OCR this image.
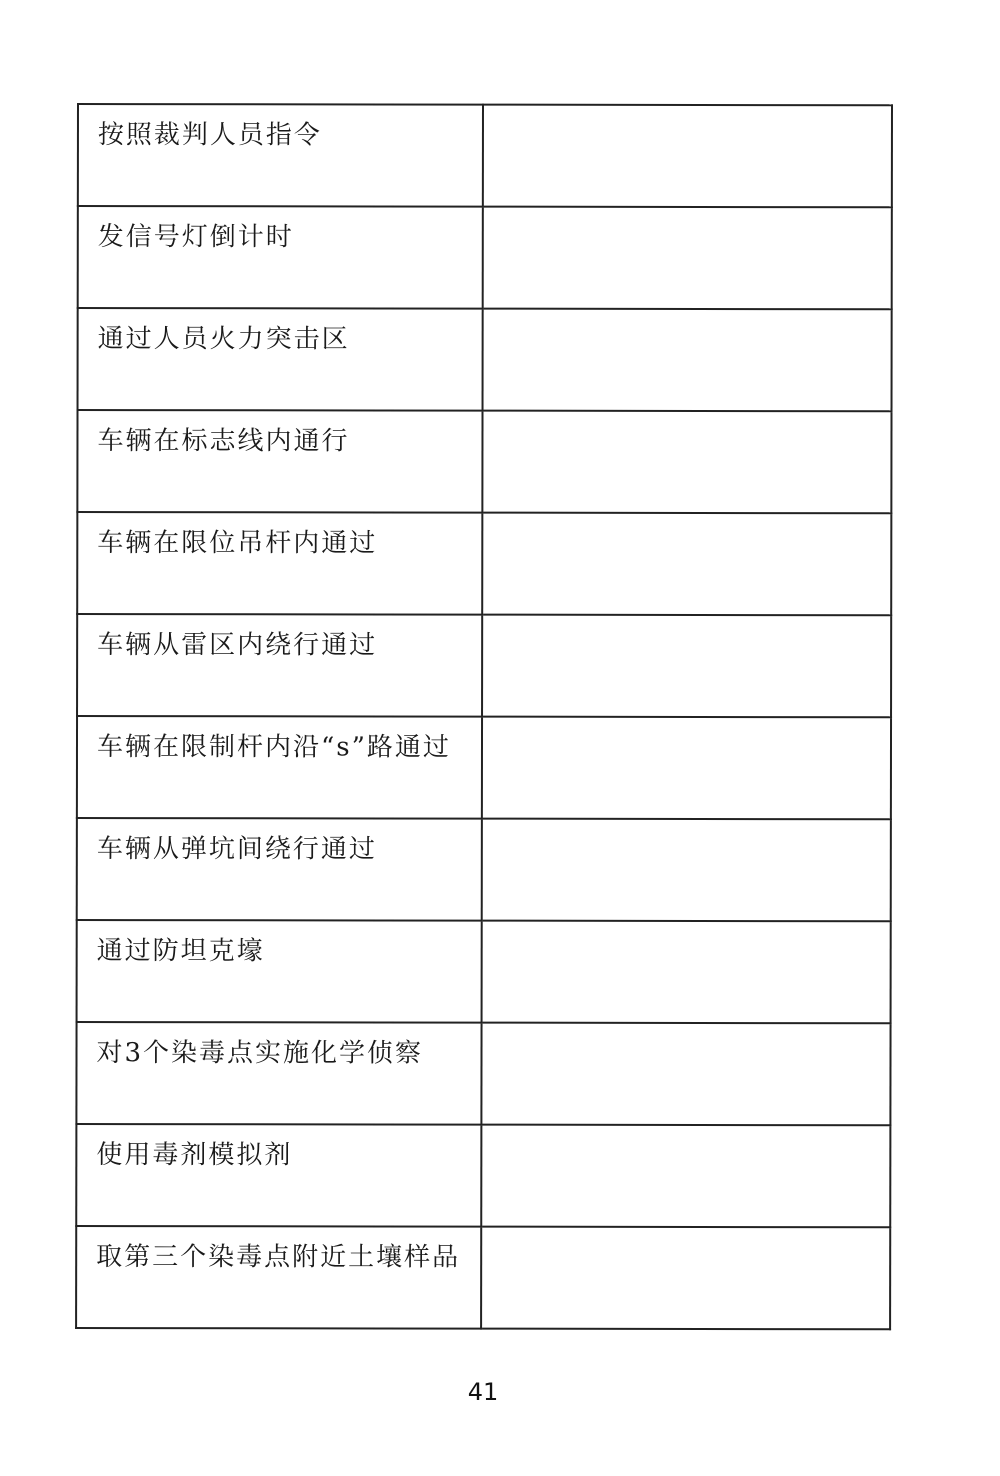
按照裁判人员指令	

发信号灯倒计时	

通过人员火力突击区	

车辆在标志线内通行	

车辆在限位吊杆内通过	

车辆从雷区内绕行通过	

车辆在限制杆内沿“s”路通过	

车辆从弹坑间绕行通过	

通过防坦克壕	

对3个染毒点实施化学侦察	

使用毒剂模拟剂	

取第三个染毒点附近土壤样品	

41
